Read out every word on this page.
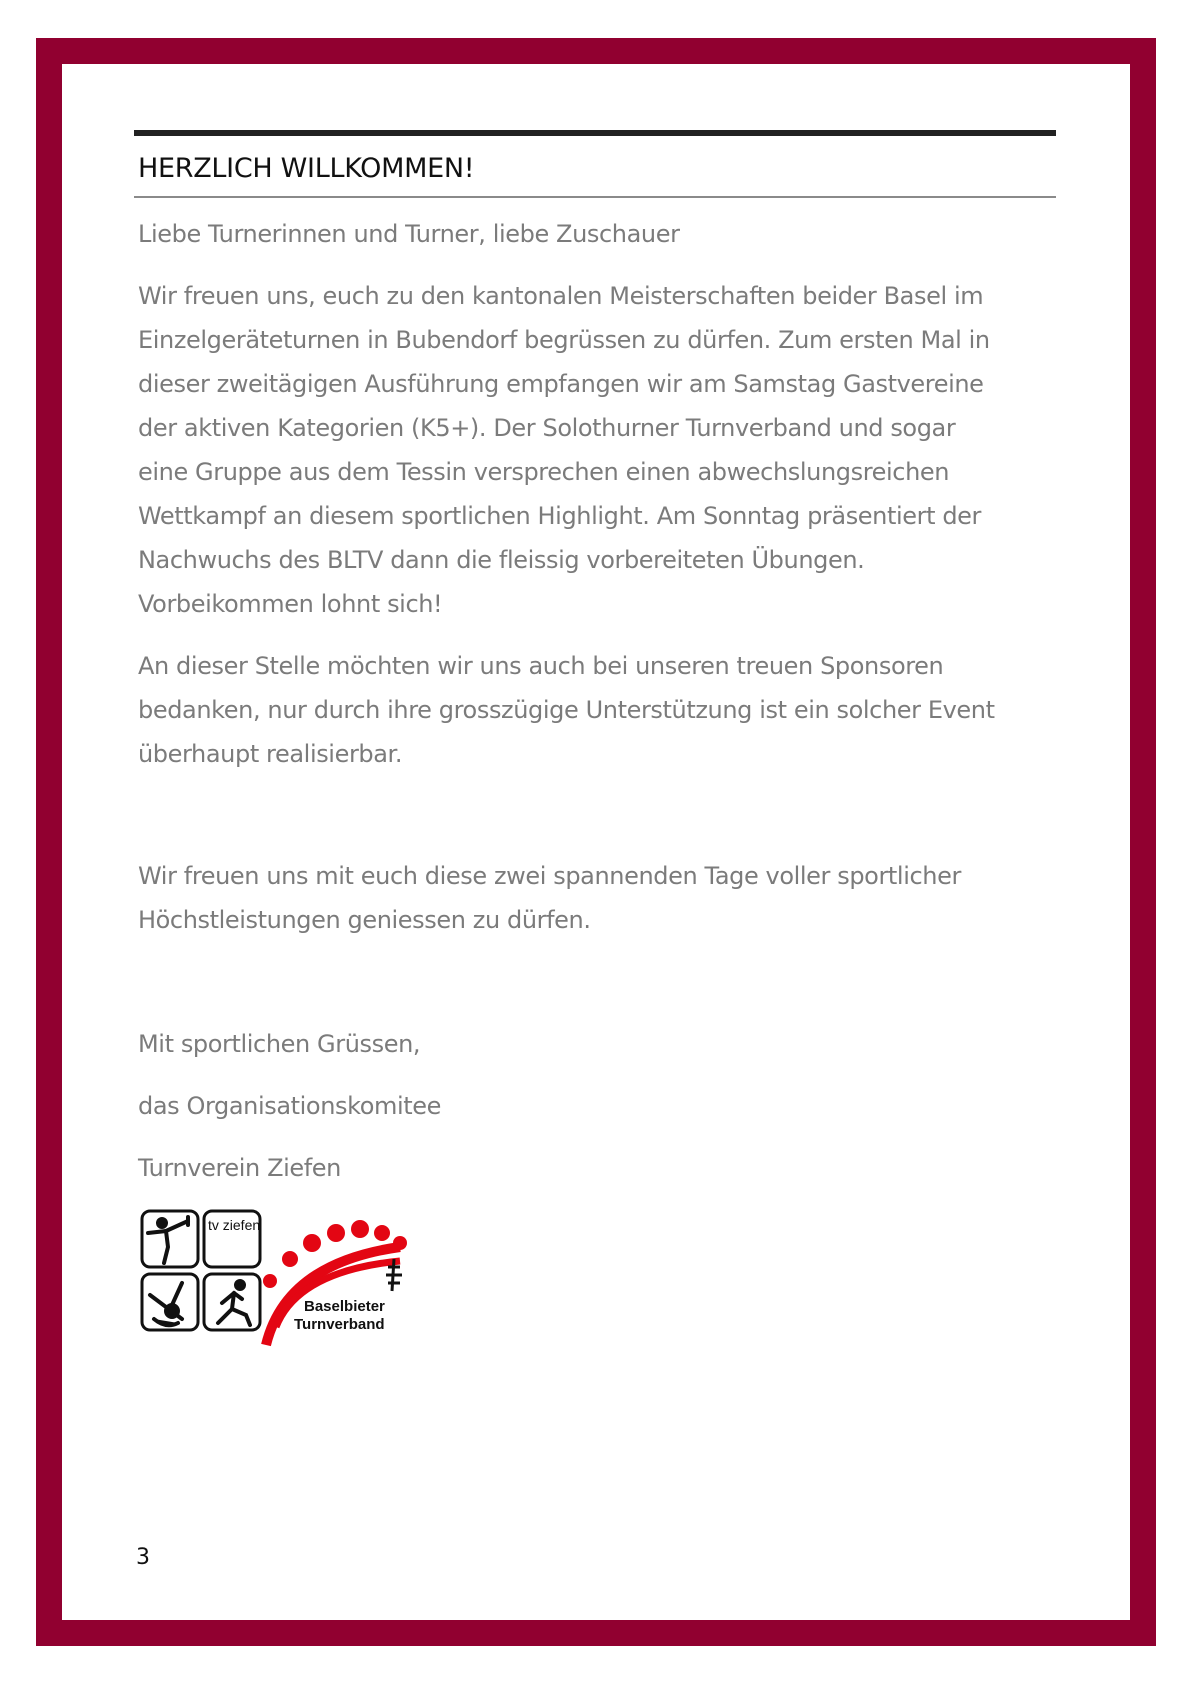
HERZLICH WILLKOMMEN!
Liebe Turnerinnen und Turner, liebe Zuschauer
Wir freuen uns, euch zu den kantonalen Meisterschaften beider Basel im
Einzelgeräteturnen in Bubendorf begrüssen zu dürfen. Zum ersten Mal in
dieser zweitägigen Ausführung empfangen wir am Samstag Gastvereine
der aktiven Kategorien (K5+). Der Solothurner Turnverband und sogar
eine Gruppe aus dem Tessin versprechen einen abwechslungsreichen
Wettkampf an diesem sportlichen Highlight. Am Sonntag präsentiert der
Nachwuchs des BLTV dann die fleissig vorbereiteten Übungen.
Vorbeikommen lohnt sich!
An dieser Stelle möchten wir uns auch bei unseren treuen Sponsoren
bedanken, nur durch ihre grosszügige Unterstützung ist ein solcher Event
überhaupt realisierbar.
Wir freuen uns mit euch diese zwei spannenden Tage voller sportlicher
Höchstleistungen geniessen zu dürfen.
Mit sportlichen Grüssen,
das Organisationskomitee
Turnverein Ziefen
tv ziefen
Baselbieter
Turnverband
3
